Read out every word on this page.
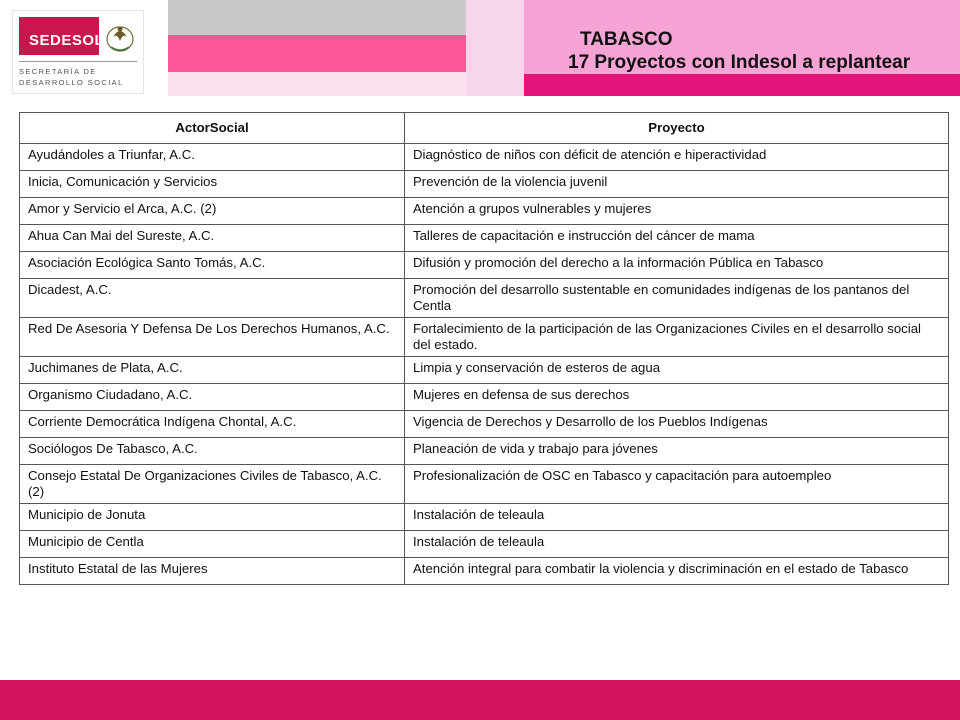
SEDESOL
SECRETARÍA DE
DESARROLLO SOCIAL
TABASCO
17 Proyectos con Indesol a replantear
ActorSocial	Proyecto
Ayudándoles a Triunfar, A.C.	Diagnóstico de niños con déficit de atención e hiperactividad
Inicia, Comunicación y Servicios	Prevención de la violencia juvenil
Amor y Servicio el Arca, A.C. (2)	Atención a grupos vulnerables y mujeres
Ahua Can Mai del Sureste, A.C.	Talleres de capacitación e instrucción del cáncer de mama
Asociación Ecológica Santo Tomás, A.C.	Difusión y promoción del derecho a la información Pública en Tabasco
Dicadest, A.C.	Promoción del desarrollo sustentable en comunidades indígenas de los pantanos del Centla
Red De Asesoria Y Defensa De Los Derechos Humanos, A.C.	Fortalecimiento de la participación de las Organizaciones Civiles en el desarrollo social del estado.
Juchimanes de Plata, A.C.	Limpia y conservación de esteros de agua
Organismo Ciudadano, A.C.	Mujeres en defensa de sus derechos
Corriente Democrática Indígena Chontal, A.C.	Vigencia de Derechos y Desarrollo de los Pueblos Indígenas
Sociólogos De Tabasco, A.C.	Planeación de vida y trabajo para jóvenes
Consejo Estatal De Organizaciones Civiles de Tabasco, A.C. (2)	Profesionalización de OSC en Tabasco y capacitación para autoempleo
Municipio de Jonuta	Instalación de teleaula
Municipio de Centla	Instalación de teleaula
Instituto Estatal de las Mujeres	Atención integral para combatir la violencia y discriminación en el estado de Tabasco
